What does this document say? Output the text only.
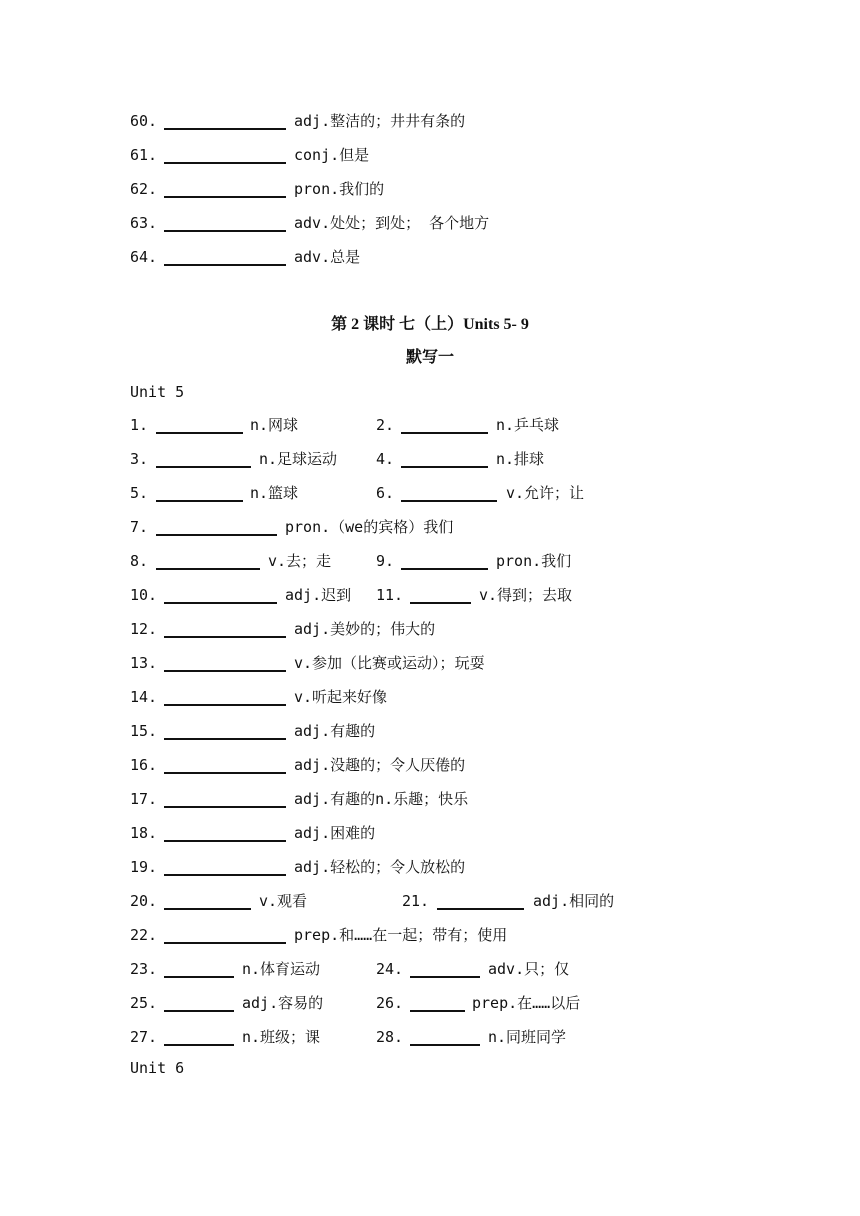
60.	adj.整洁的；井井有条的
61.	conj.但是
62.	pron.我们的
63.	adv.处处；到处； 各个地方
64.	adv.总是
第 2 课时 七（上）Units 5- 9
默写一
Unit 5
1.	n.网球	2.	n.乒乓球
3.	n.足球运动	4.	n.排球
5.	n.篮球	6.	v.允许；让
7.	pron.（we的宾格）我们
8.	v.去；走	9.	pron.我们
10.	adj.迟到 11.	v.得到；去取
12.	adj.美妙的；伟大的
13.	v.参加（比赛或运动）；玩耍
14.	v.听起来好像
15.	adj.有趣的
16.	adj.没趣的；令人厌倦的
17.	adj.有趣的n.乐趣；快乐
18.	adj.困难的
19.	adj.轻松的；令人放松的
20.	v.观看	21.	adj.相同的
22.	prep.和……在一起；带有；使用
23.	n.体育运动	24.	adv.只；仅
25.	adj.容易的	26.	prep.在……以后
27.	n.班级；课	28.	n.同班同学
Unit 6
